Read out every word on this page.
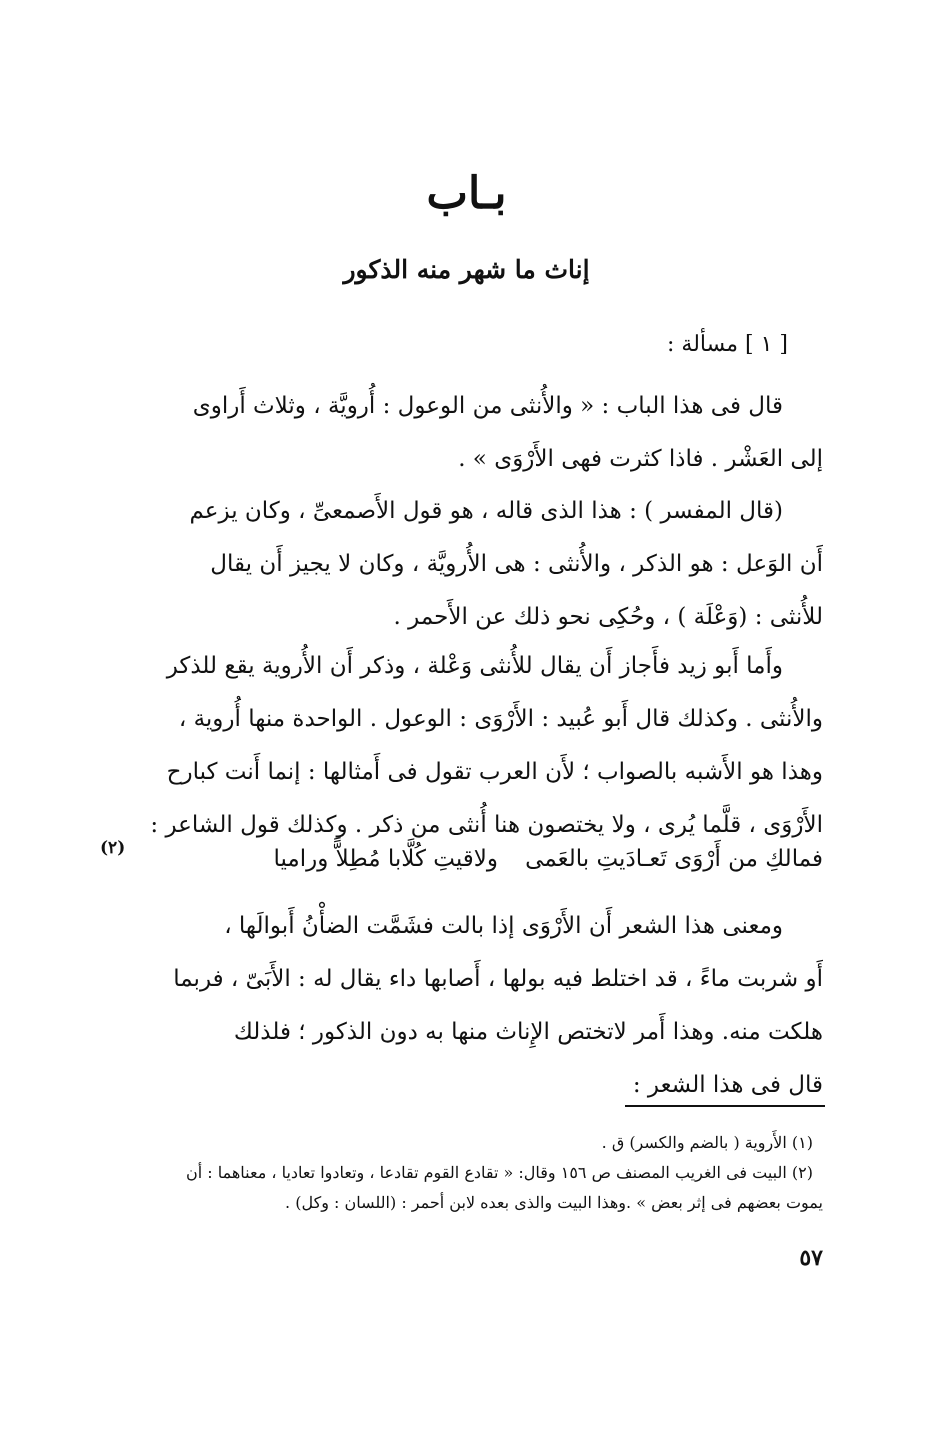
بـاب
إناث ما شهر منه الذكور
[ ١ ] مسألة :

قال فى هذا الباب : « والأُنثى من الوعول : أُرويَّة ، وثلاث أَراوى
إلى العَشْر . فاذا كثرت فهى الأَرْوَى » .

(قال المفسر ) : هذا الذى قاله ، هو قول الأَصمعىِّ ، وكان يزعم
أَن الوَعل : هو الذكر ، والأُنثى : هى الأُرويَّة ، وكان لا يجيز أَن يقال
للأُنثى : (وَعْلَة ) ، وحُكِى نحو ذلك عن الأَحمر .

وأَما أَبو زيد فأَجاز أَن يقال للأُنثى وَعْلة ، وذكر أَن الأُروية يقع للذكر
والأُنثى . وكذلك قال أَبو عُبيد : الأَرْوَى : الوعول . الواحدة منها أُروية ،
وهذا هو الأَشبه بالصواب ؛ لأَن العرب تقول فى أَمثالها : إنما أَنت كبارح
الأَرْوَى ، قلَّما يُرى ، ولا يختصون هنا أُنثى من ذكر . وكذلك قول الشاعر :

فمالكِ من أَرْوَى تَعـادَيتِ بالعَمى
ولاقيتِ كُلَّابا مُطِلاًّ وراميا
(٢)

ومعنى هذا الشعر أَن الأَرْوَى إذا بالت فشَمَّت الضأْنُ أَبوالَها ،
أَو شربت ماءً ، قد اختلط فيه بولها ، أَصابها داء يقال له : الأَبَىّ ، فربما
هلكت منه. وهذا أَمر لاتختص الإِناث منها به دون الذكور ؛ فلذلك
قال فى هذا الشعر :

(١) الأَروية ( بالضم والكسر) ق .
(٢) البيت فى الغريب المصنف ص ١٥٦ وقال: « تقادع القوم تقادعا ، وتعادوا تعاديا ، معناهما : أن
يموت بعضهم فى إثر بعض » .وهذا البيت والذى بعده لابن أحمر : (اللسان : وكل) .
٥٧
